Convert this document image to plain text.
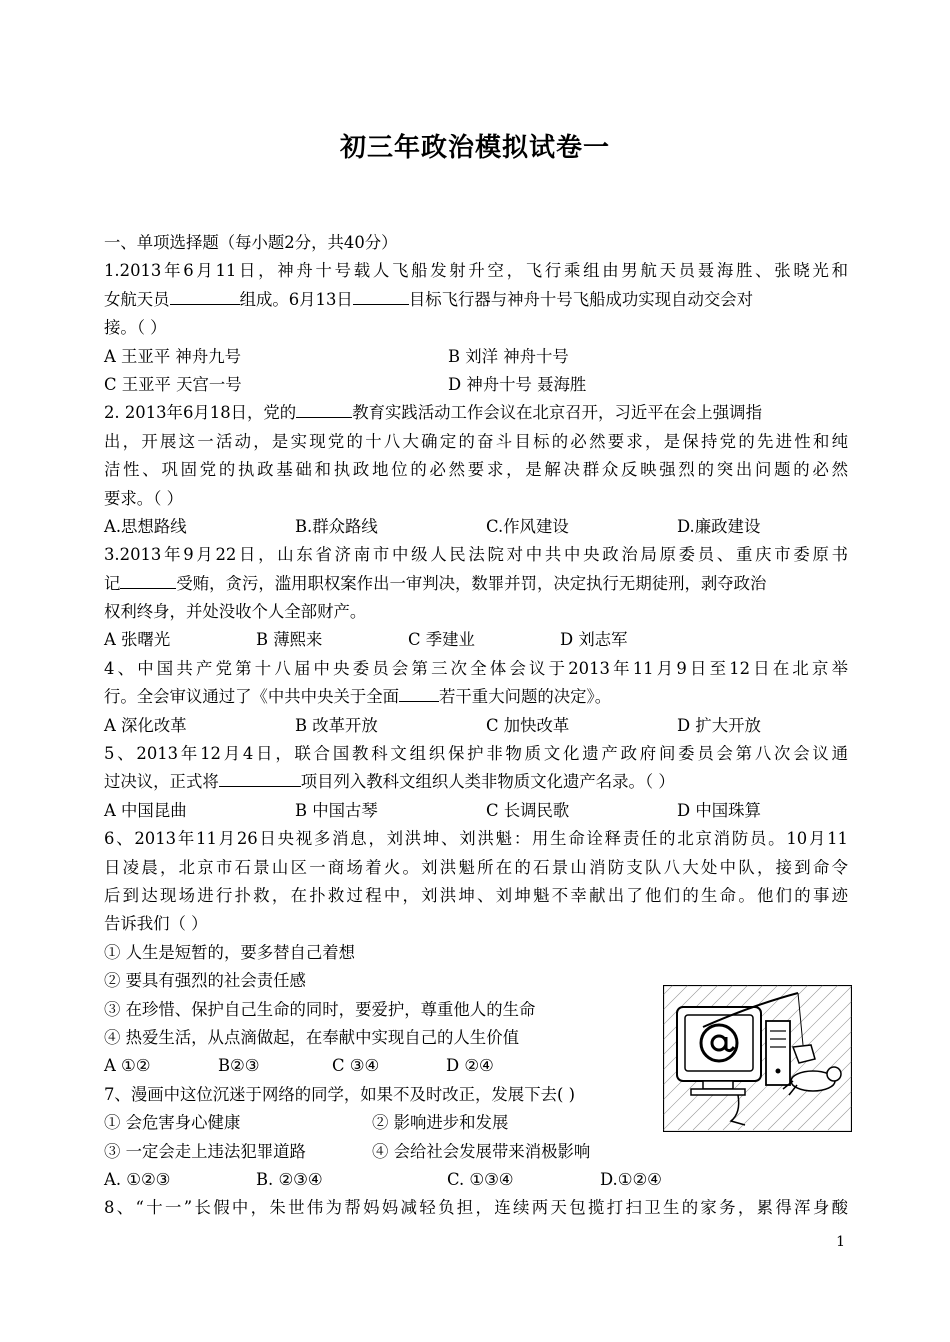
初三年政治模拟试卷一
一、单项选择题（每小题2分，共40分）
1.2013年6月11日，神舟十号载人飞船发射升空，飞行乘组由男航天员聂海胜、张晓光和
女航天员	组成。6月13日	目标飞行器与神舟十号飞船成功实现自动交会对
接。（ ）
A 王亚平 神舟九号	B 刘洋 神舟十号
C 王亚平 天宫一号	D 神舟十号 聂海胜
2. 2013年6月18日，党的	教育实践活动工作会议在北京召开，习近平在会上强调指
出，开展这一活动，是实现党的十八大确定的奋斗目标的必然要求，是保持党的先进性和纯
洁性、巩固党的执政基础和执政地位的必然要求，是解决群众反映强烈的突出问题的必然
要求。（ ）
A.思想路线	B.群众路线	C.作风建设	D.廉政建设
3.2013年9月22日，山东省济南市中级人民法院对中共中央政治局原委员、重庆市委原书
记	受贿，贪污，滥用职权案作出一审判决，数罪并罚，决定执行无期徒刑，剥夺政治
权利终身，并处没收个人全部财产。
A 张曙光	B 薄熙来	C 季建业	D 刘志军
4、中国共产党第十八届中央委员会第三次全体会议于2013年11月9日至12日在北京举
行。全会审议通过了《中共中央关于全面 若干重大问题的决定》。
A 深化改革	B 改革开放	C 加快改革	D 扩大开放
5、2013年12月4日，联合国教科文组织保护非物质文化遗产政府间委员会第八次会议通
过决议，正式将	项目列入教科文组织人类非物质文化遗产名录。（ ）
A 中国昆曲	B 中国古琴	C 长调民歌	D 中国珠算
6、2013年11月26日央视多消息，刘洪坤、刘洪魁：用生命诠释责任的北京消防员。10月11
日凌晨，北京市石景山区一商场着火。刘洪魁所在的石景山消防支队八大处中队，接到命令
后到达现场进行扑救，在扑救过程中，刘洪坤、刘坤魁不幸献出了他们的生命。他们的事迹
告诉我们（ ）
① 人生是短暂的，要多替自己着想
② 要具有强烈的社会责任感
③ 在珍惜、保护自己生命的同时，要爱护，尊重他人的生命
④ 热爱生活，从点滴做起，在奉献中实现自己的人生价值
A ①②	B②③	C ③④	D ②④
7、漫画中这位沉迷于网络的同学，如果不及时改正，发展下去( )
① 会危害身心健康	② 影响进步和发展
③ 一定会走上违法犯罪道路	④ 会给社会发展带来消极影响
A. ①②③	B. ②③④	C. ①③④	D.①②④
8、“十一”长假中，朱世伟为帮妈妈减轻负担，连续两天包揽打扫卫生的家务，累得浑身酸
1
